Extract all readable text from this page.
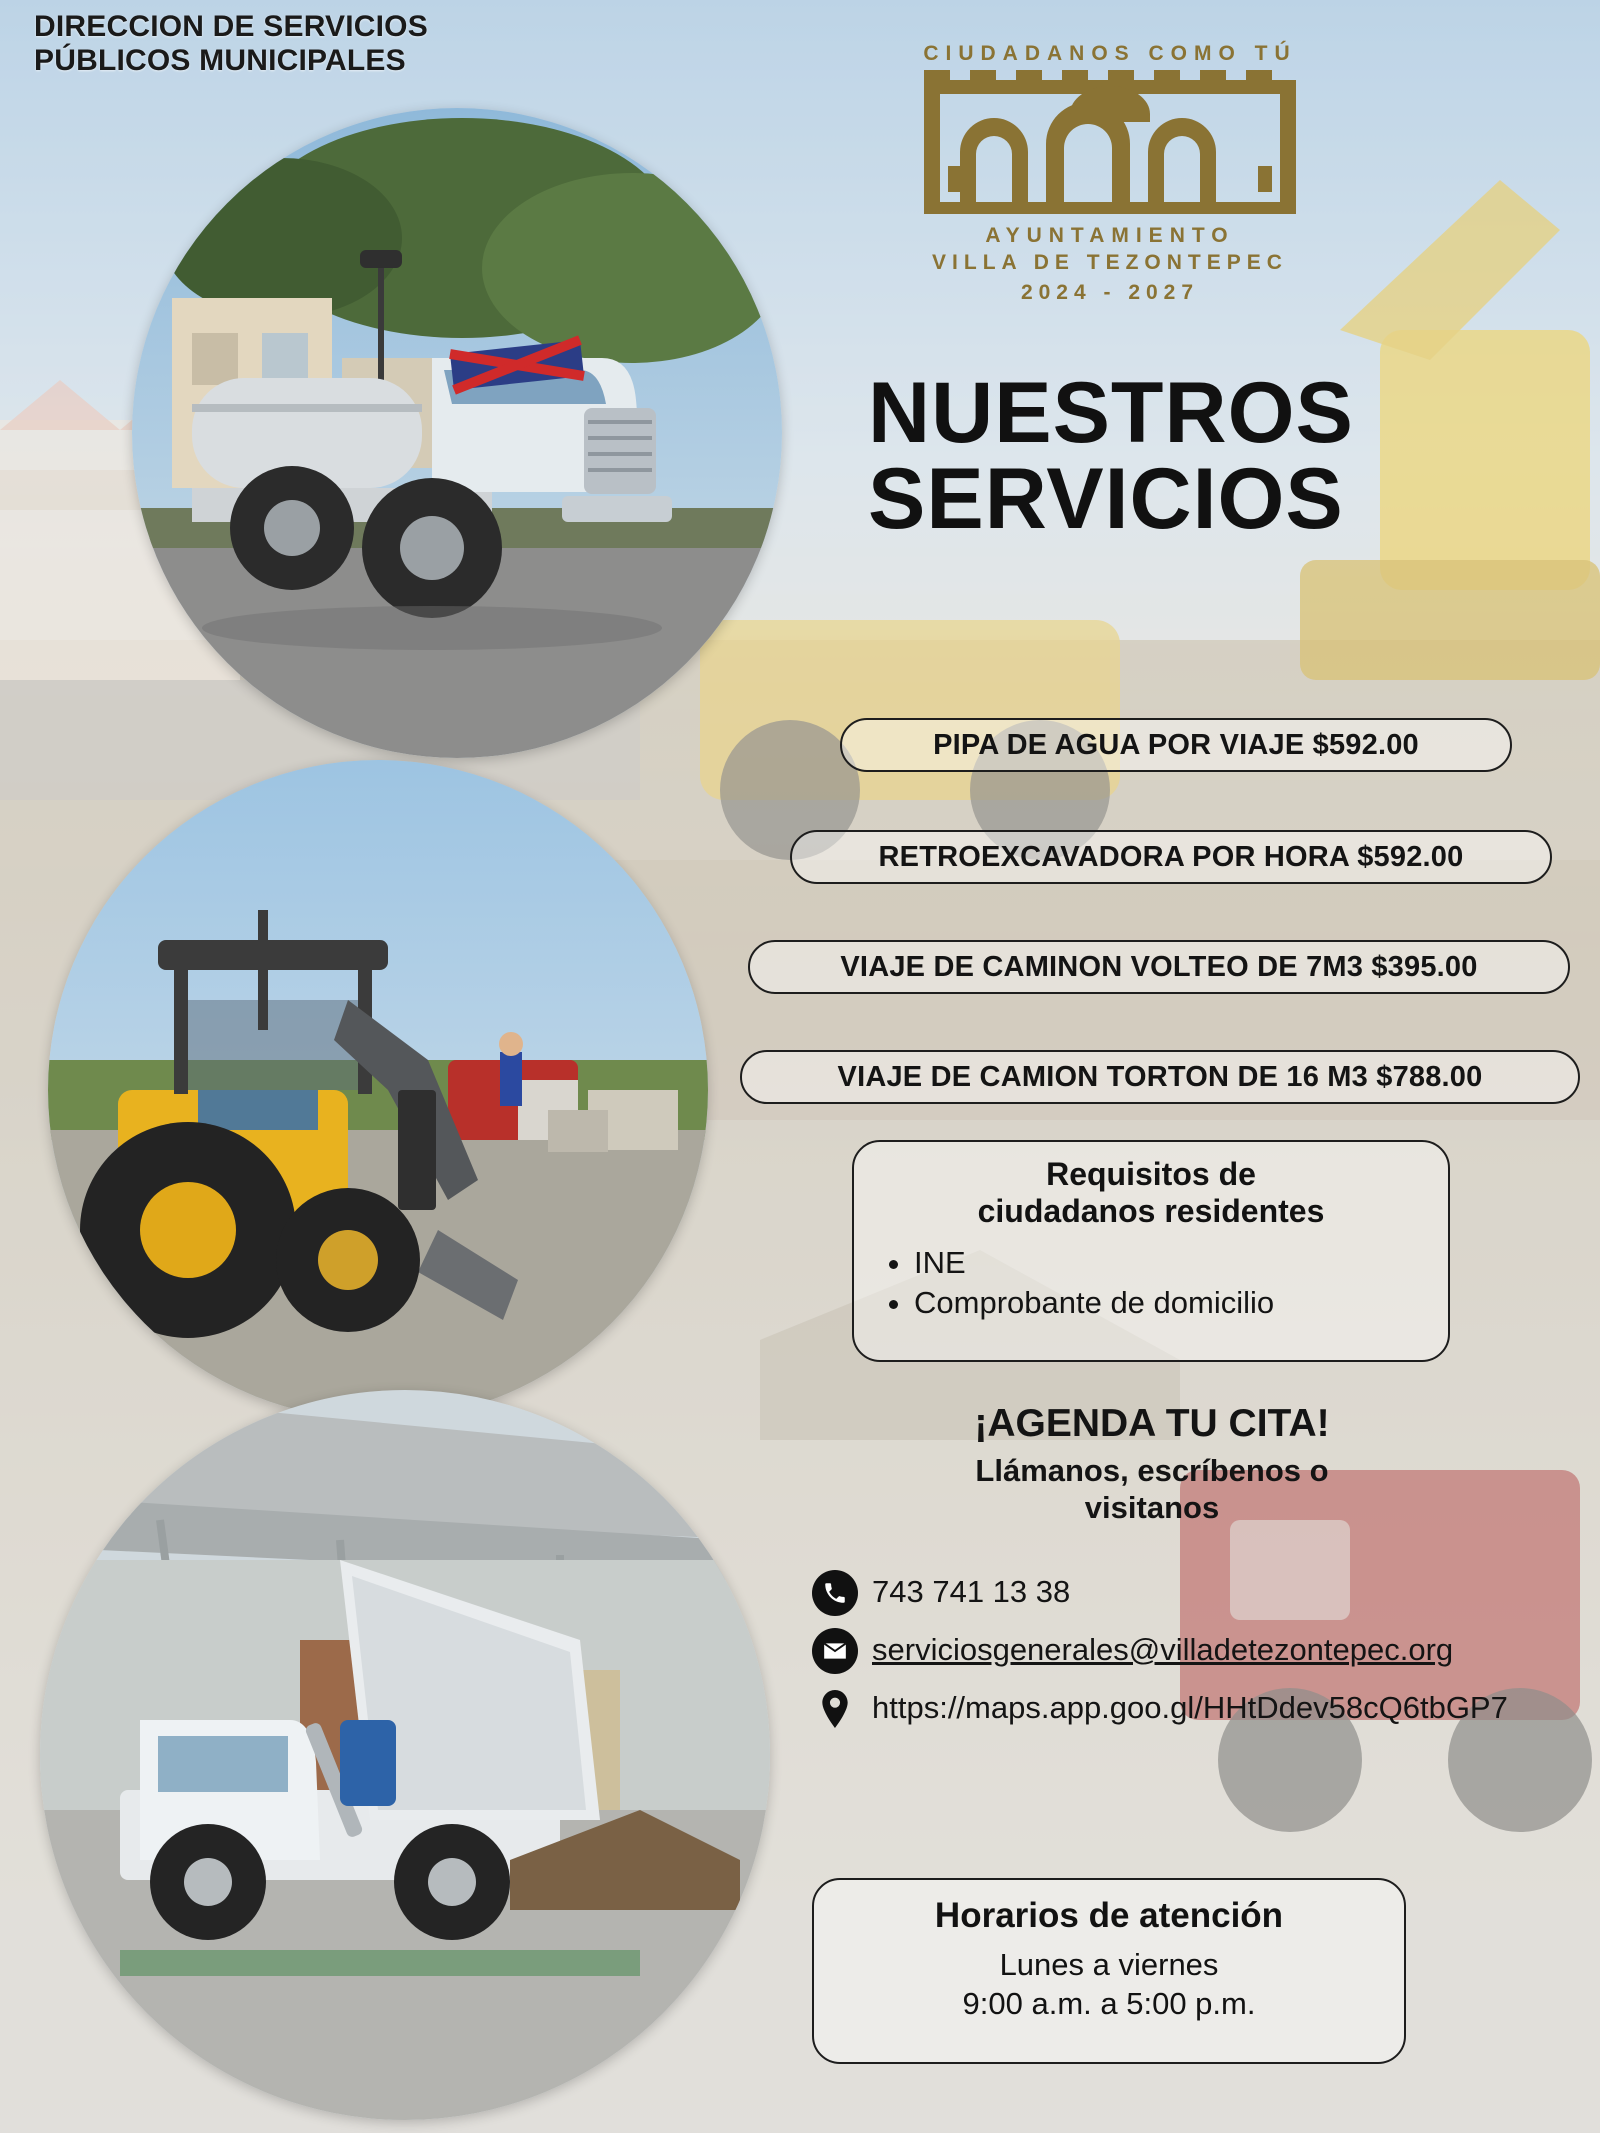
DIRECCION DE SERVICIOS
PÚBLICOS MUNICIPALES	CIUDADANOS COMO TÚ
AYUNTAMIENTO
VILLA DE TEZONTEPEC
2024 - 2027
NUESTROS
SERVICIOS
PIPA DE AGUA POR VIAJE $592.00
RETROEXCAVADORA POR HORA $592.00
VIAJE DE CAMINON VOLTEO DE 7M3 $395.00
VIAJE DE CAMION TORTON DE 16 M3 $788.00
Requisitos de
ciudadanos residentes
• INE
• Comprobante de domicilio
¡AGENDA TU CITA!
Llámanos, escríbenos o
visitanos
743 741 13 38
serviciosgenerales@villadetezontepec.org
https://maps.app.goo.gl/HHtDdev58cQ6tbGP7
Horarios de atención
Lunes a viernes
9:00 a.m. a 5:00 p.m.
